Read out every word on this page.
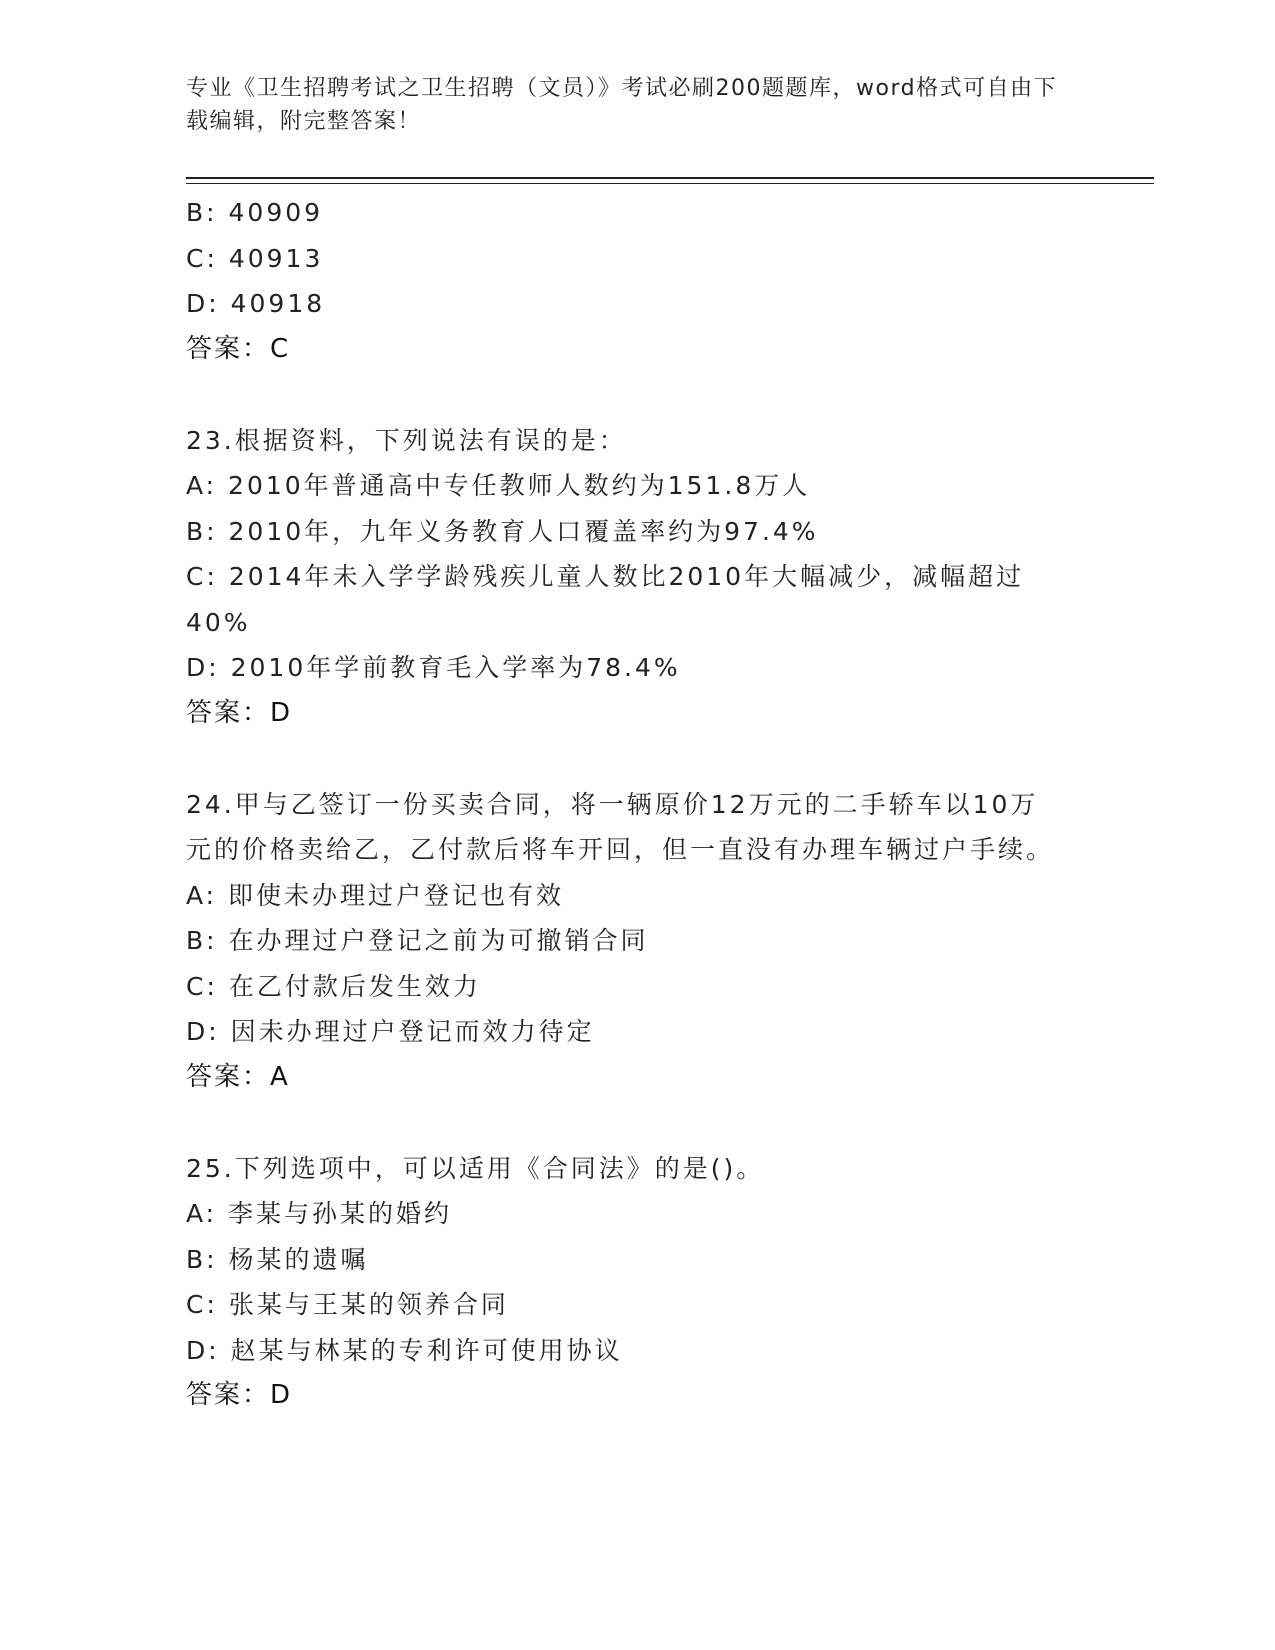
专业《卫生招聘考试之卫生招聘（文员）》考试必刷200题题库，word格式可自由下载编辑，附完整答案！
B: 40909
C: 40913
D: 40918
答案：C
23.根据资料，下列说法有误的是：
A: 2010年普通高中专任教师人数约为151.8万人
B: 2010年，九年义务教育人口覆盖率约为97.4%
C: 2014年未入学学龄残疾儿童人数比2010年大幅减少，减幅超过40%
D: 2010年学前教育毛入学率为78.4%
答案：D
24.甲与乙签订一份买卖合同，将一辆原价12万元的二手轿车以10万元的价格卖给乙，乙付款后将车开回，但一直没有办理车辆过户手续。
A: 即使未办理过户登记也有效
B: 在办理过户登记之前为可撤销合同
C: 在乙付款后发生效力
D: 因未办理过户登记而效力待定
答案：A
25.下列选项中，可以适用《合同法》的是()。
A: 李某与孙某的婚约
B: 杨某的遗嘱
C: 张某与王某的领养合同
D: 赵某与林某的专利许可使用协议
答案：D
